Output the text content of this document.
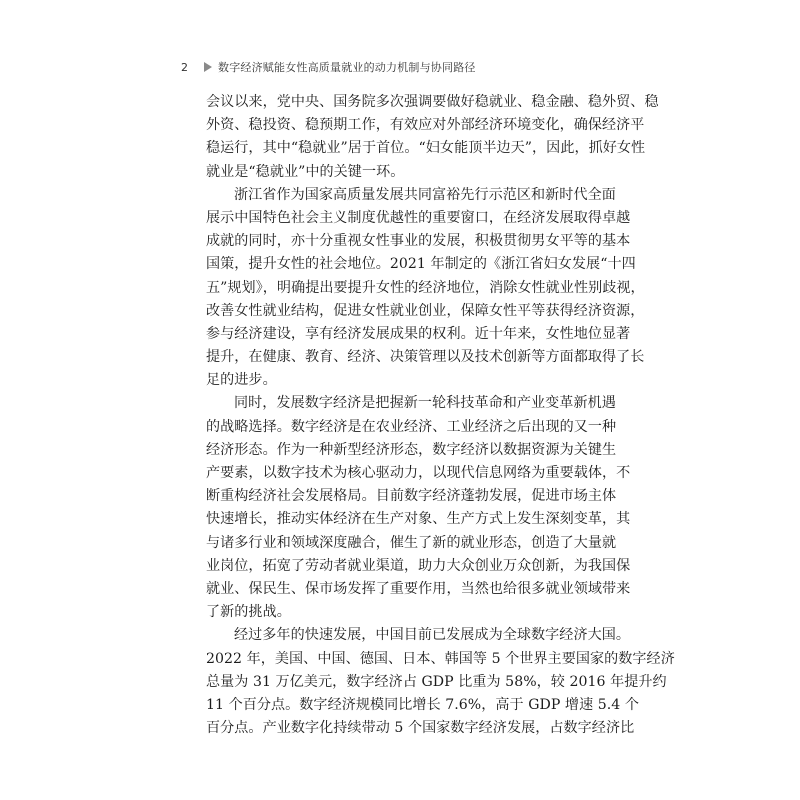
2	数字经济赋能女性高质量就业的动力机制与协同路径
会议以来，党中央、国务院多次强调要做好稳就业、稳金融、稳外贸、稳
外资、稳投资、稳预期工作，有效应对外部经济环境变化，确保经济平
稳运行，其中“稳就业”居于首位。“妇女能顶半边天”，因此，抓好女性
就业是“稳就业”中的关键一环。
浙江省作为国家高质量发展共同富裕先行示范区和新时代全面
展示中国特色社会主义制度优越性的重要窗口，在经济发展取得卓越
成就的同时，亦十分重视女性事业的发展，积极贯彻男女平等的基本
国策，提升女性的社会地位。2021 年制定的《浙江省妇女发展“十四
五”规划》，明确提出要提升女性的经济地位，消除女性就业性别歧视，
改善女性就业结构，促进女性就业创业，保障女性平等获得经济资源，
参与经济建设，享有经济发展成果的权利。近十年来，女性地位显著
提升，在健康、教育、经济、决策管理以及技术创新等方面都取得了长
足的进步。
同时，发展数字经济是把握新一轮科技革命和产业变革新机遇
的战略选择。数字经济是在农业经济、工业经济之后出现的又一种
经济形态。作为一种新型经济形态，数字经济以数据资源为关键生
产要素，以数字技术为核心驱动力，以现代信息网络为重要载体，不
断重构经济社会发展格局。目前数字经济蓬勃发展，促进市场主体
快速增长，推动实体经济在生产对象、生产方式上发生深刻变革，其
与诸多行业和领域深度融合，催生了新的就业形态，创造了大量就
业岗位，拓宽了劳动者就业渠道，助力大众创业万众创新，为我国保
就业、保民生、保市场发挥了重要作用，当然也给很多就业领域带来
了新的挑战。
经过多年的快速发展，中国目前已发展成为全球数字经济大国。
2022 年，美国、中国、德国、日本、韩国等 5 个世界主要国家的数字经济
总量为 31 万亿美元，数字经济占 GDP 比重为 58%，较 2016 年提升约
11 个百分点。数字经济规模同比增长 7.6%，高于 GDP 增速 5.4 个
百分点。产业数字化持续带动 5 个国家数字经济发展，占数字经济比
